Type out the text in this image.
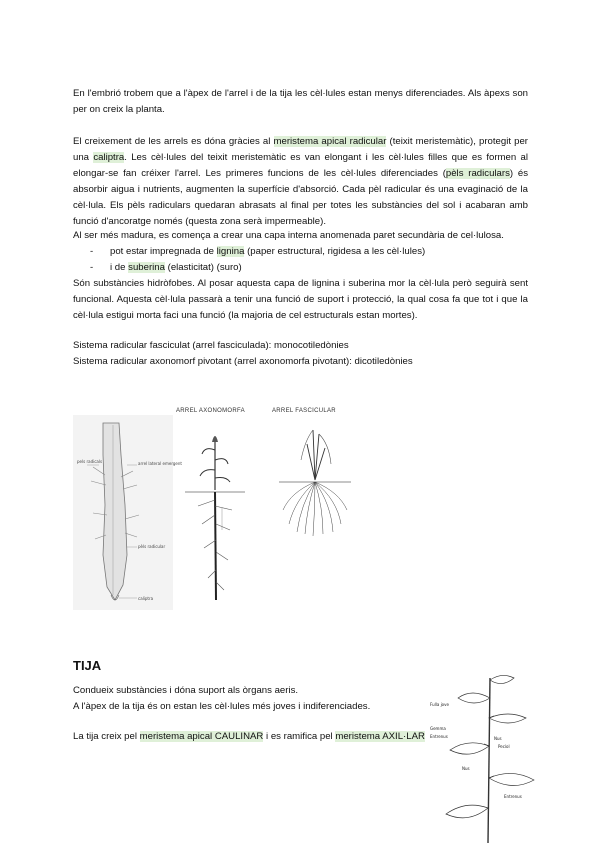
En l'embrió trobem que a l'àpex de l'arrel i de la tija les cèl·lules estan menys diferenciades. Als àpexs son per on creix la planta.
El creixement de les arrels es dóna gràcies al meristema apical radicular (teixit meristemàtic), protegit per una caliptra. Les cèl·lules del teixit meristemàtic es van elongant i les cèl·lules filles que es formen al elongar-se fan créixer l'arrel. Les primeres funcions de les cèl·lules diferenciades (pèls radiculars) és absorbir aigua i nutrients, augmenten la superfície d'absorció. Cada pèl radicular és una evaginació de la cèl·lula. Els pèls radiculars quedaran abrasats al final per totes les substàncies del sol i acabaran amb funció d'ancoratge només (questa zona serà impermeable).
Al ser més madura, es comença a crear una capa interna anomenada paret secundària de cel·lulosa.
- pot estar impregnada de lignina (paper estructural, rigidesa a les cèl·lules)
- i de suberina (elasticitat) (suro)
Són substàncies hidròfobes. Al posar aquesta capa de lignina i suberina mor la cèl·lula però seguirà sent funcional. Aquesta cèl·lula passarà a tenir una funció de suport i protecció, la qual cosa fa que tot i que la cèl·lula estigui morta faci una funció (la majoria de cel estructurals estan mortes).
Sistema radicular fasciculat (arrel fasciculada): monocotiledònies
Sistema radicular axonomorf pivotant (arrel axonomorfa pivotant): dicotiledònies
pels radicals	arrel lateral emergent
pèls radicular
caliptra
ARREL AXONOMORFA	ARREL FASCICULAR
TIJA
Condueix substàncies i dóna suport als òrgans aeris.
A l'àpex de la tija és on estan les cèl·lules més joves i indiferenciades.
La tija creix pel meristema apical CAULINAR i es ramifica pel meristema AXIL·LAR
Fulla jove
Gemma
Entrenus	Nus
Nus
Pecíol
Entrenus
